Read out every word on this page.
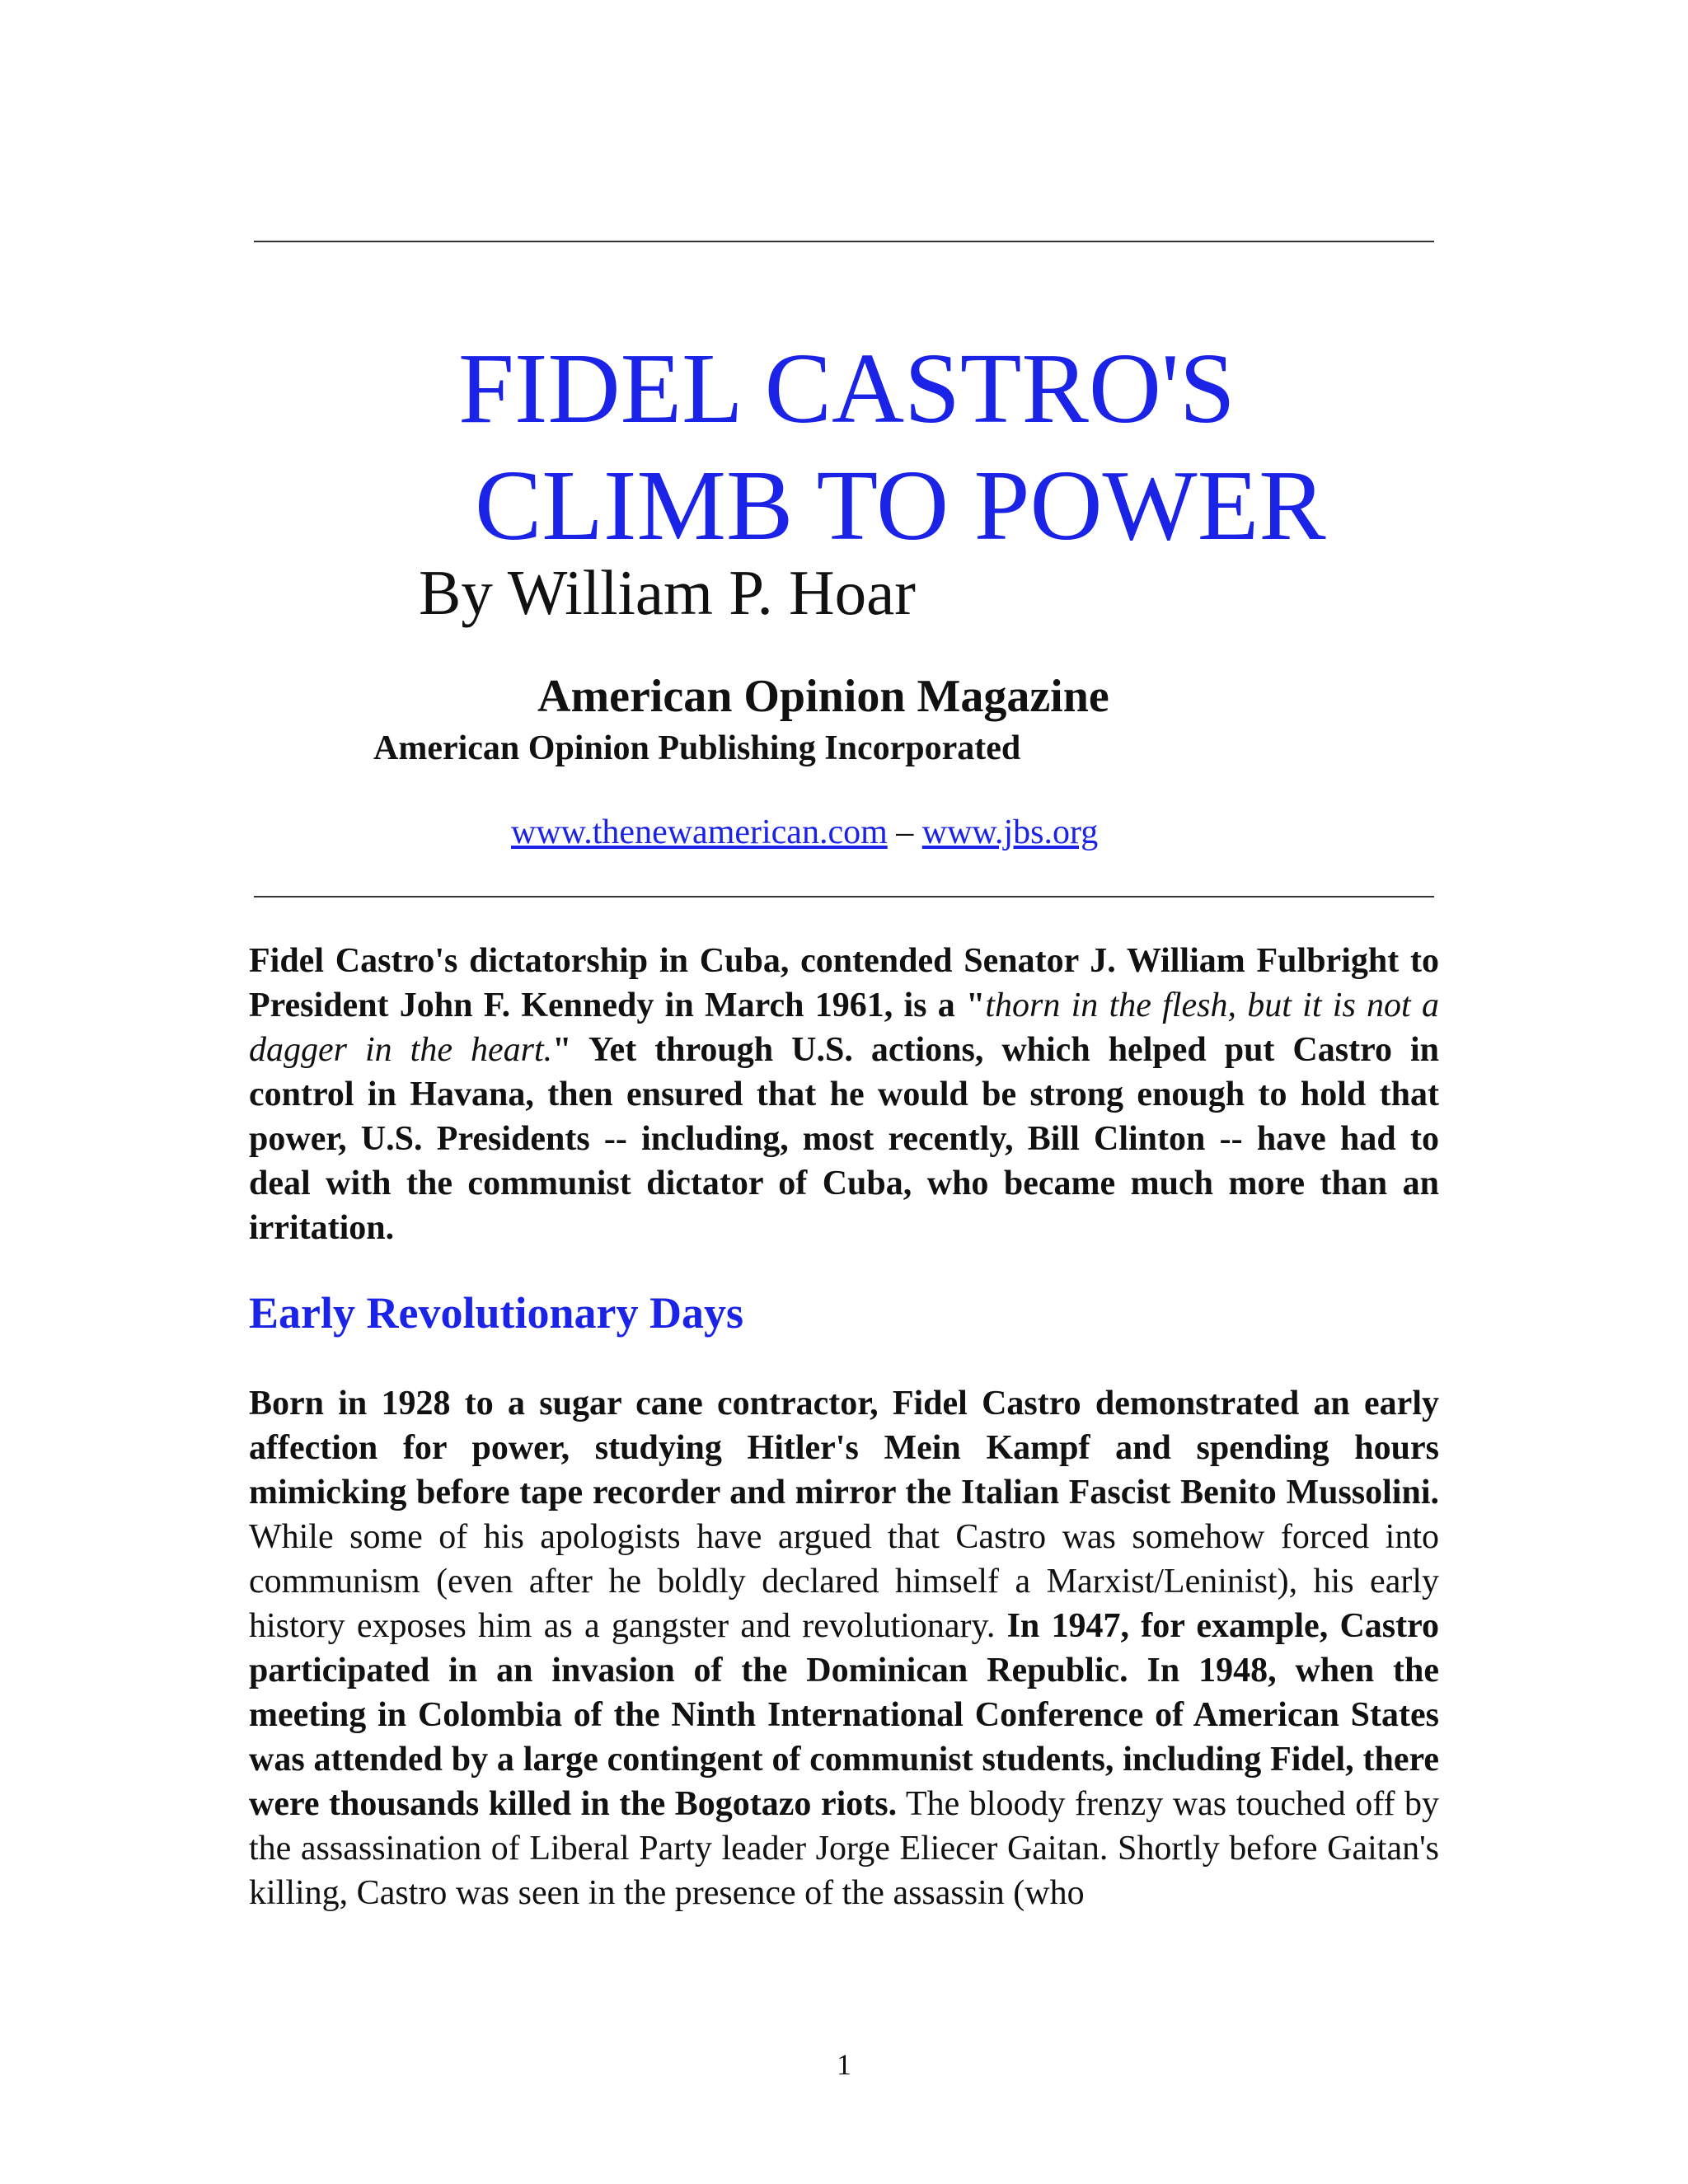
FIDEL CASTRO'S
CLIMB TO POWER

By William P. Hoar

American Opinion Magazine

American Opinion Publishing Incorporated

www.thenewamerican.com – www.jbs.org

Fidel Castro's dictatorship in Cuba, contended Senator J. William Fulbright to President John F. Kennedy in March 1961, is a "thorn in the flesh, but it is not a dagger in the heart." Yet through U.S. actions, which helped put Castro in control in Havana, then ensured that he would be strong enough to hold that power, U.S. Presidents -- including, most recently, Bill Clinton -- have had to deal with the communist dictator of Cuba, who became much more than an irritation.

Early Revolutionary Days

Born in 1928 to a sugar cane contractor, Fidel Castro demonstrated an early affection for power, studying Hitler's Mein Kampf and spending hours mimicking before tape recorder and mirror the Italian Fascist Benito Mussolini. While some of his apologists have argued that Castro was somehow forced into communism (even after he boldly declared himself a Marxist/Leninist), his early history exposes him as a gangster and revolutionary. In 1947, for example, Castro participated in an invasion of the Dominican Republic. In 1948, when the meeting in Colombia of the Ninth International Conference of American States was attended by a large contingent of communist students, including Fidel, there were thousands killed in the Bogotazo riots. The bloody frenzy was touched off by the assassination of Liberal Party leader Jorge Eliecer Gaitan. Shortly before Gaitan's killing, Castro was seen in the presence of the assassin (who

1
